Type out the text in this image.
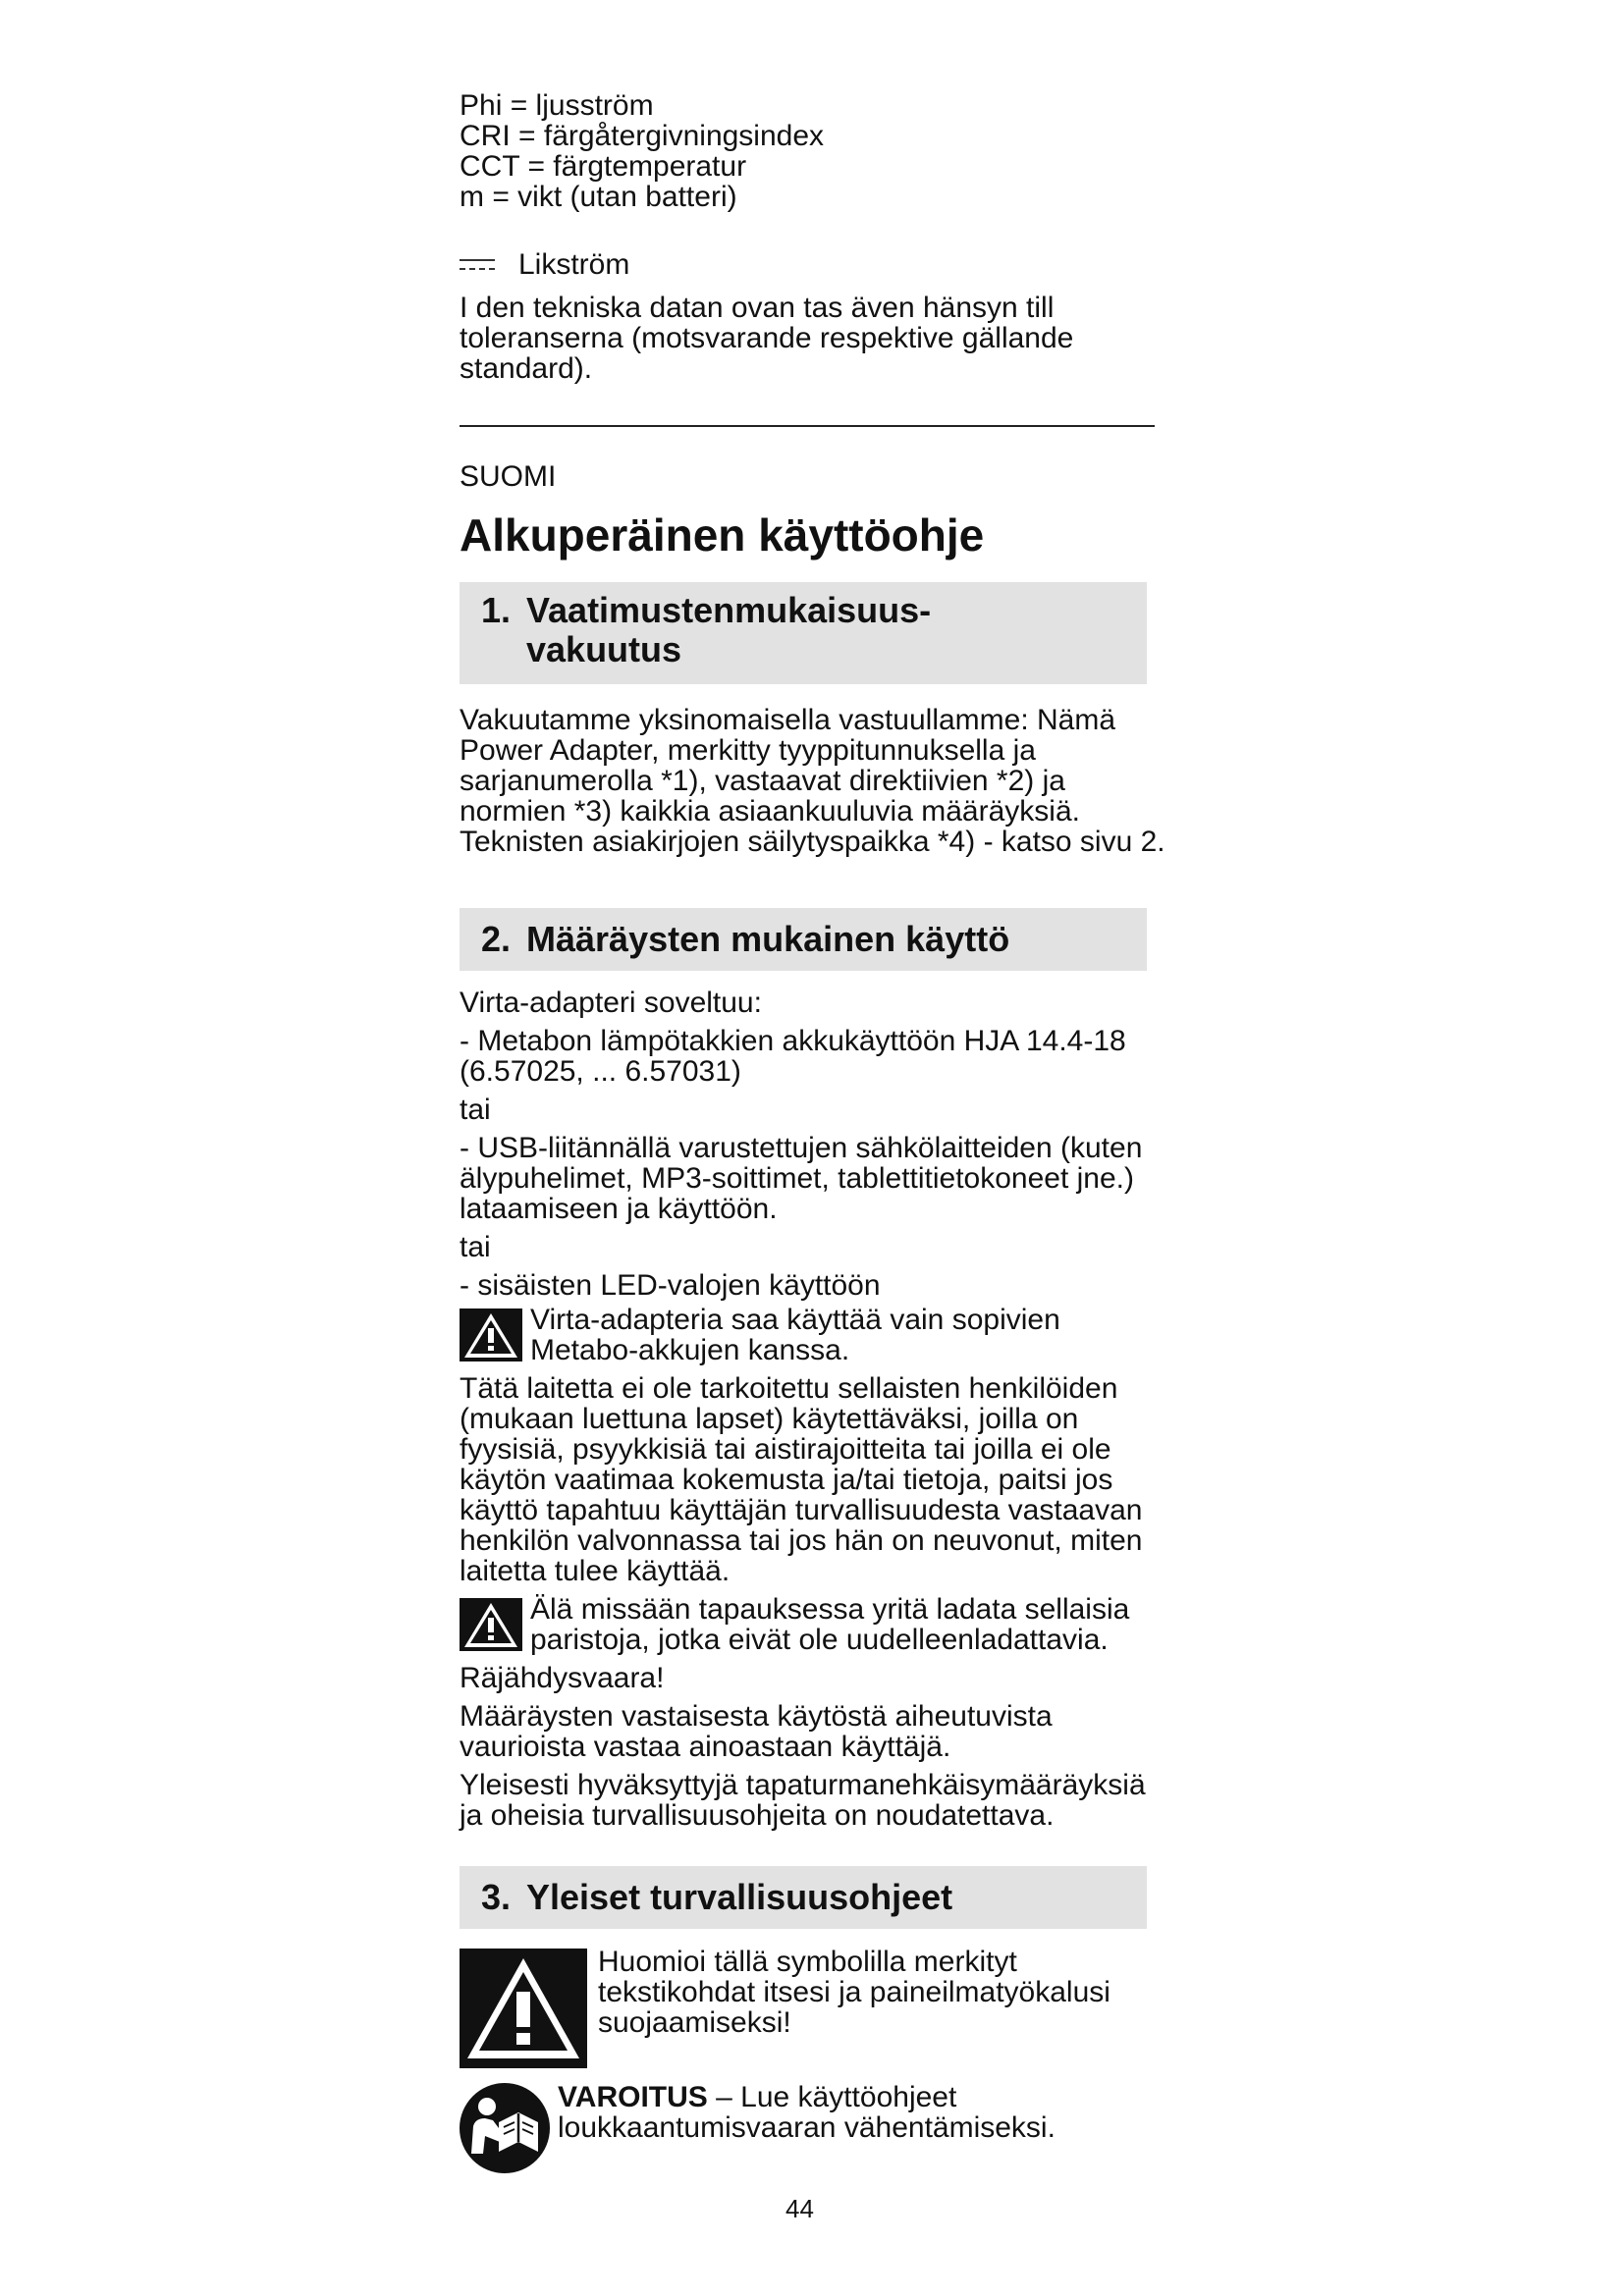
Phi = ljusström

CRI = färgåtergivningsindex

CCT = färgtemperatur

m = vikt (utan batteri)

Likström

I den tekniska datan ovan tas även hänsyn till toleranserna (motsvarande respektive gällande standard).

SUOMI

Alkuperäinen käyttöohje
1. Vaatimustenmukaisuus-
vakuutus

Vakuutamme yksinomaisella vastuullamme: Nämä Power Adapter, merkitty tyyppitunnuksella ja sarjanumerolla *1), vastaavat direktiivien *2) ja normien *3) kaikkia asiaankuuluvia määräyksiä. Teknisten asiakirjojen säilytyspaikka *4) - katso sivu 2.

2. Määräysten mukainen käyttö

Virta-adapteri soveltuu:

- Metabon lämpötakkien akkukäyttöön HJA 14.4-18 (6.57025, ... 6.57031)

tai

- USB-liitännällä varustettujen sähkölaitteiden (kuten älypuhelimet, MP3-soittimet, tablettitietokoneet jne.) lataamiseen ja käyttöön.

tai

- sisäisten LED-valojen käyttöön

Virta-adapteria saa käyttää vain sopivien Metabo-akkujen kanssa.

Tätä laitetta ei ole tarkoitettu sellaisten henkilöiden (mukaan luettuna lapset) käytettäväksi, joilla on fyysisiä, psyykkisiä tai aistirajoitteita tai joilla ei ole käytön vaatimaa kokemusta ja/tai tietoja, paitsi jos käyttö tapahtuu käyttäjän turvallisuudesta vastaavan henkilön valvonnassa tai jos hän on neuvonut, miten laitetta tulee käyttää.

Älä missään tapauksessa yritä ladata sellaisia paristoja, jotka eivät ole uudelleenladattavia.

Räjähdysvaara!

Määräysten vastaisesta käytöstä aiheutuvista vaurioista vastaa ainoastaan käyttäjä.

Yleisesti hyväksyttyjä tapaturmanehkäisymääräyksiä ja oheisia turvallisuusohjeita on noudatettava.

3. Yleiset turvallisuusohjeet

Huomioi tällä symbolilla merkityt tekstikohdat itsesi ja paineilmatyökalusi suojaamiseksi!

VAROITUS – Lue käyttöohjeet loukkaantumisvaaran vähentämiseksi.

44
